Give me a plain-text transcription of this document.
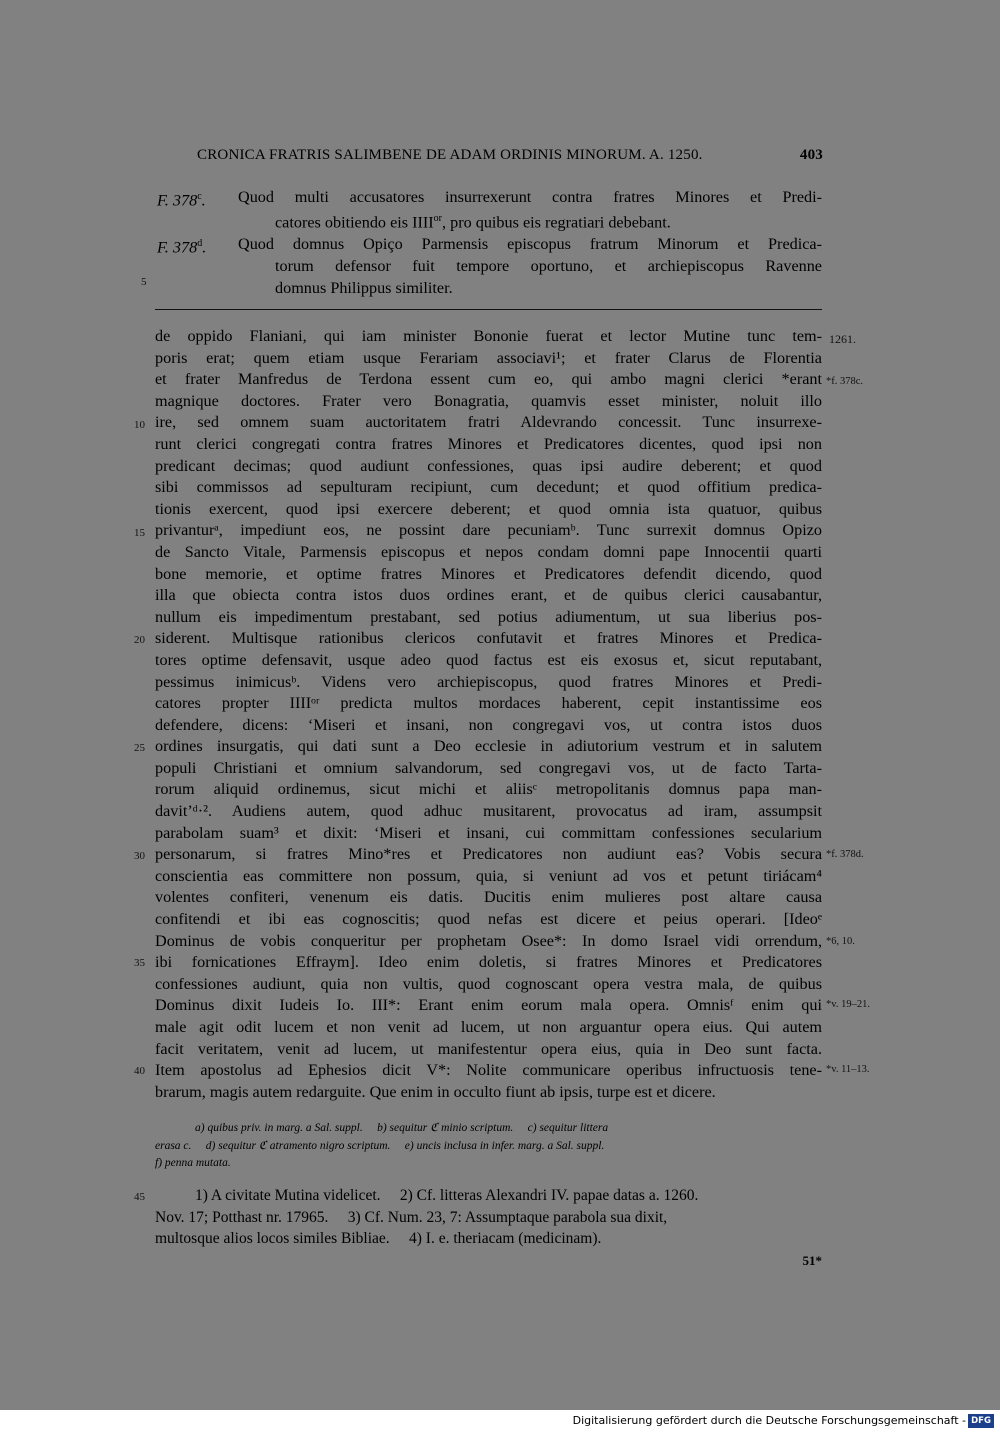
CRONICA FRATRIS SALIMBENE DE ADAM ORDINIS MINORUM. A. 1250.	403
F. 378$^c$. Quod multi accusatores insurrexerunt contra fratres Minores et Predi-
catores obitiendo eis $IIII^{or}$, pro quibus eis regratiari debebant.
F. 378$^d$. Quod domnus Opiço Parmensis episcopus fratrum Minorum et Predica-
torum defensor fuit tempore oportuno, et archiepiscopus Ravenne
domnus Philippus similiter.
5
de oppido Flaniani, qui iam minister Bononie fuerat et lector Mutine tunc tem-
poris erat; quem etiam usque Ferariam associavi¹; et frater Clarus de Florentia
et frater Manfredus de Terdona essent cum eo, qui ambo magni clerici *erant
magnique doctores. Frater vero Bonagratia, quamvis esset minister, noluit illo
ire, sed omnem suam auctoritatem fratri Aldevrando concessit. Tunc insurrexe-
runt clerici congregati contra fratres Minores et Predicatores dicentes, quod ipsi non
predicant decimas; quod audiunt confessiones, quas ipsi audire deberent; et quod
sibi commissos ad sepulturam recipiunt, cum decedunt; et quod offitium predica-
tionis exercent, quod ipsi exercere deberent; et quod omnia ista quatuor, quibus
privanturᵃ, impediunt eos, ne possint dare pecuniamᵇ. Tunc surrexit domnus Opizo
de Sancto Vitale, Parmensis episcopus et nepos condam domni pape Innocentii quarti
bone memorie, et optime fratres Minores et Predicatores defendit dicendo, quod
illa que obiecta contra istos duos ordines erant, et de quibus clerici causabantur,
nullum eis impedimentum prestabant, sed potius adiumentum, ut sua liberius pos-
siderent. Multisque rationibus clericos confutavit et fratres Minores et Predica-
tores optime defensavit, usque adeo quod factus est eis exosus et, sicut reputabant,
pessimus inimicusᵇ. Videns vero archiepiscopus, quod fratres Minores et Predi-
catores propter IIIIᵒʳ predicta multos mordaces haberent, cepit instantissime eos
defendere, dicens: ‘Miseri et insani, non congregavi vos, ut contra istos duos
ordines insurgatis, qui dati sunt a Deo ecclesie in adiutorium vestrum et in salutem
populi Christiani et omnium salvandorum, sed congregavi vos, ut de facto Tarta-
rorum aliquid ordinemus, sicut michi et aliisᶜ metropolitanis domnus papa man-
davit’ᵈ·². Audiens autem, quod adhuc musitarent, provocatus ad iram, assumpsit
parabolam suam³ et dixit: ‘Miseri et insani, cui committam confessiones secularium
personarum, si fratres Mino*res et Predicatores non audiunt eas? Vobis secura
conscientia eas committere non possum, quia, si veniunt ad vos et petunt tiriácam⁴
volentes confiteri, venenum eis datis. Ducitis enim mulieres post altare causa
confitendi et ibi eas cognoscitis; quod nefas est dicere et peius operari. [Ideoᵉ
Dominus de vobis conqueritur per prophetam Osee*: In domo Israel vidi orrendum,
ibi fornicationes Effraym]. Ideo enim doletis, si fratres Minores et Predicatores
confessiones audiunt, quia non vultis, quod cognoscant opera vestra mala, de quibus
Dominus dixit Iudeis Io. III*: Erant enim eorum mala opera. Omnisᶠ enim qui
male agit odit lucem et non venit ad lucem, ut non arguantur opera eius. Qui autem
facit veritatem, venit ad lucem, ut manifestentur opera eius, quia in Deo sunt facta.
Item apostolus ad Ephesios dicit V*: Nolite communicare operibus infructuosis tene-
brarum, magis autem redarguite. Que enim in occulto fiunt ab ipsis, turpe est et dicere.
10
15
20
25
30
35
40
1261.
*f. 378c.
*f. 378d.
*6, 10.
*v. 19–21.
*v. 11–13.
a) quibus priv. in marg. a Sal. suppl.     b) sequitur ℭ minio scriptum.     c) sequitur littera
erasa c.     d) sequitur ℭ atramento nigro scriptum.     e) uncis inclusa in infer. marg. a Sal. suppl.
f) penna mutata.
1) A civitate Mutina videlicet.     2) Cf. litteras Alexandri IV. papae datas a. 1260.
Nov. 17; Potthast nr. 17965.     3) Cf. Num. 23, 7: Assumptaque parabola sua dixit,
multosque alios locos similes Bibliae.     4) I. e. theriacam (medicinam).
45
51*
Digitalisierung gefördert durch die Deutsche Forschungsgemeinschaft - DFG
